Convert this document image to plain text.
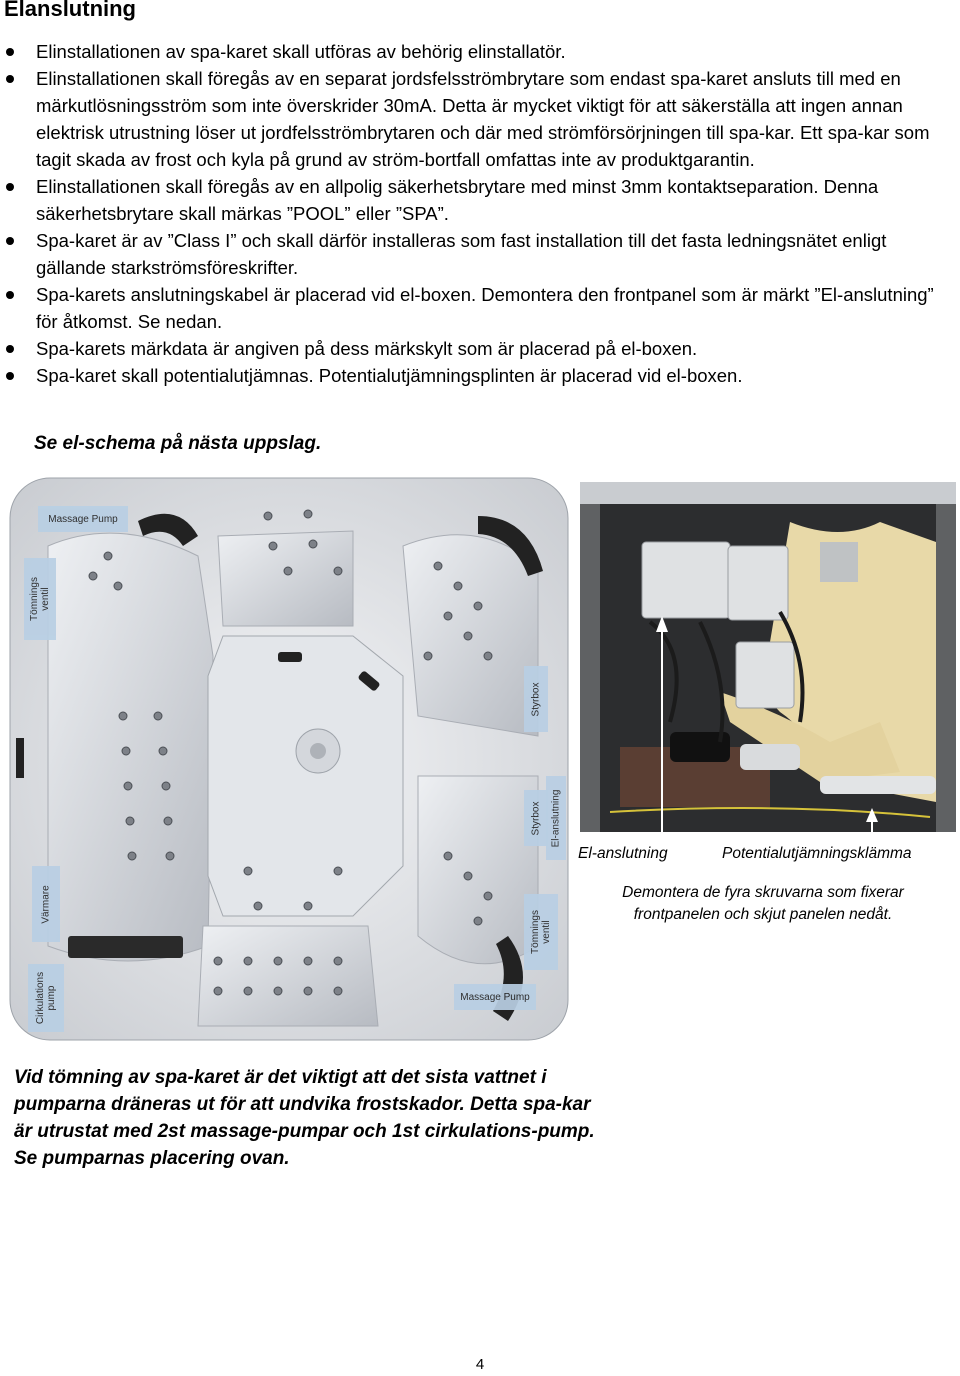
Elanslutning
Elinstallationen av spa-karet skall utföras av behörig elinstallatör.
Elinstallationen skall föregås av en separat jordsfelsströmbrytare som endast spa-karet ansluts till med en märkutlösningsström som inte överskrider 30mA. Detta är mycket viktigt för att säkerställa att ingen annan elektrisk utrustning löser ut jordfelsströmbrytaren och där med strömförsörjningen till spa-kar. Ett spa-kar som tagit skada av frost och kyla på grund av ström-bortfall omfattas inte av produktgarantin.
Elinstallationen skall föregås av en allpolig säkerhetsbrytare med minst 3mm kontaktseparation. Denna säkerhetsbrytare skall märkas ”POOL” eller ”SPA”.
Spa-karet är av ”Class I” och skall därför installeras som fast installation till det fasta ledningsnätet enligt gällande starkströmsföreskrifter.
Spa-karets anslutningskabel är placerad vid el-boxen. Demontera den frontpanel som är märkt ”El-anslutning” för åtkomst. Se nedan.
Spa-karets märkdata är angiven på dess märkskylt som är placerad på el-boxen.
Spa-karet skall potentialutjämnas. Potentialutjämningsplinten är placerad vid el-boxen.
Se el-schema på nästa uppslag.
Massage Pump
Tömnings
ventil
Styrbox
Styrbox El-anslutning
Värmare
Tömnings
ventil
Cirkulations
pump	Massage Pump
El-anslutning	Potentialutjämningsklämma
Demontera de fyra skruvarna som fixerar frontpanelen och skjut panelen nedåt.
Vid tömning av spa-karet är det viktigt att det sista vattnet i pumparna dräneras ut för att undvika frostskador. Detta spa-kar är utrustat med 2st massage-pumpar och 1st cirkulations-pump. Se pumparnas placering ovan.
4
